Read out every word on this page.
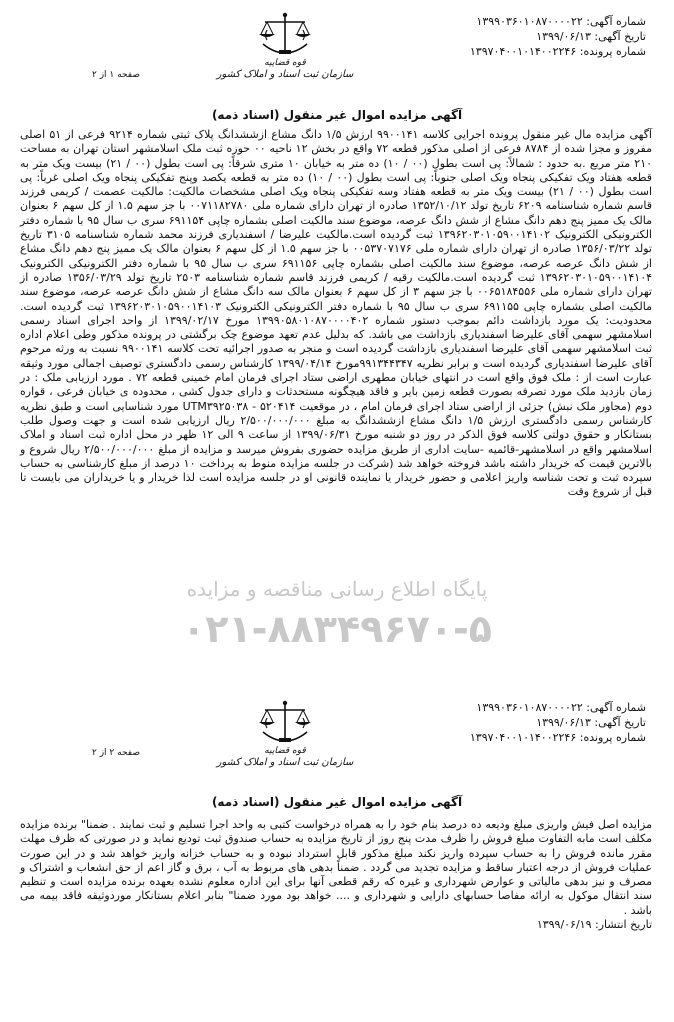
شماره آگهی: ۱۳۹۹۰۳۶۰۱۰۸۷۰۰۰۰۲۲
تاریخ آگهی: ۱۳۹۹/۰۶/۱۳
شماره پرونده: ۱۳۹۷۰۴۰۰۱۰۱۴۰۰۲۲۴۶
قوه قضاییه
سازمان ثبت اسناد و املاک کشور
صفحه ۱ از ۲
آگهی مزایده اموال غیر منقول (اسناد ذمه)
آگهی مزایده مال غیر منقول پرونده اجرایی کلاسه ۹۹۰۰۱۴۱ ارزش ۱/۵ دانگ مشاع ازششدانگ پلاک ثبتی شماره ۹۲۱۴ فرعی از ۵۱ اصلی مفروز و مجزا شده از ۸۷۸۴ فرعی از اصلی مذکور قطعه ۷۲ واقع در بخش ۱۲ ناحیه ۰۰ حوزه ثبت ملک اسلامشهر استان تهران به مساحت ۲۱۰ متر مربع .به حدود : شمالاً: پی است بطول (۰۰ / ۱۰) ده متر به خیابان ۱۰ متری شرقاً: پی است بطول (۰۰ / ۲۱) بیست ویک متر به قطعه هفتاد ویک تفکیکی پنجاه ویک اصلی جنوباً: پی است بطول (۰۰ / ۱۰) ده متر به قطعه یکصد وپنج تفکیکی پنجاه ویک اصلی غرباً: پی است بطول (۰۰ / ۲۱) بیست ویک متر به قطعه هفتاد وسه تفکیکی پنجاه ویک اصلی مشخصات مالکیت: مالکیت عصمت / کریمی فرزند قاسم شماره شناسنامه ۶۲۰۹ تاریخ تولد ۱۳۵۲/۱۰/۱۲ صادره از تهران دارای شماره ملی ۰۰۷۱۱۸۲۷۸۰ با جز سهم ۱.۵ از کل سهم ۶ بعنوان مالک یک ممیز پنج دهم دانگ مشاع از شش دانگ عرصه، موضوع سند مالکیت اصلی بشماره چاپی ۶۹۱۱۵۴ سری ب سال ۹۵ با شماره دفتر الکترونیکی الکترونیک ۱۳۹۶۲۰۳۰۱۰۵۹۰۰۱۴۱۰۲ ثبت گردیده است.مالکیت علیرضا / اسفندیاری فرزند محمد شماره شناسنامه ۳۱۰۵ تاریخ تولد ۱۳۵۶/۰۳/۲۲ صادره از تهران دارای شماره ملی ۰۰۵۳۷۰۷۱۷۶ با جز سهم ۱.۵ از کل سهم ۶ بعنوان مالک یک ممیز پنج دهم دانگ مشاع از شش دانگ عرصه عرصه، موضوع سند مالکیت اصلی بشماره چاپی ۶۹۱۱۵۶ سری ب سال ۹۵ با شماره دفتر الکترونیکی الکترونیک ۱۳۹۶۲۰۳۰۱۰۵۹۰۰۱۴۱۰۴ ثبت گردیده است.مالکیت رقیه / کریمی فرزند قاسم شماره شناسنامه ۲۵۰۳ تاریخ تولد ۱۳۵۶/۰۳/۲۹ صادره از تهران دارای شماره ملی ۰۰۶۵۱۸۴۵۵۶ با جز سهم ۳ از کل سهم ۶ بعنوان مالک سه دانگ مشاع از شش دانگ عرصه عرصه، موضوع سند مالکیت اصلی بشماره چاپی ۶۹۱۱۵۵ سری ب سال ۹۵ با شماره دفتر الکترونیکی الکترونیک ۱۳۹۶۲۰۳۰۱۰۵۹۰۰۱۴۱۰۳ ثبت گردیده است. محدودیت: یک مورد بازداشت دائم بموجب دستور شماره ۱۳۹۹۰۵۸۰۱۰۸۷۰۰۰۰۴۰۲ مورخ ۱۳۹۹/۰۲/۱۷ از واحد اجرای اسناد رسمی اسلامشهر سهمی آقای علیرضا اسفندیاری بازداشت می باشد. که بدلیل عدم تعهد موضوع چک برگشتی در پرونده مذکور وطی اعلام اداره ثبت اسلامشهر سهمی آقای علیرضا اسفندیاری بازداشت گردیده است و منجر به صدور اجرائیه تحت کلاسه ۹۹۰۰۱۴۱ نسبت به ورثه مرحوم آقای علیرضا اسفندیاری گردیده است و برابر نظریه ۹۹۱۳۴۴۳۴۷مورخ ۱۳۹۹/۰۴/۱۴ کارشناس رسمی دادگستری توصیف اجمالی مورد وثیقه عبارت است از : ملک فوق واقع است در انتهای خیابان مطهری اراضی ستاد اجرای فرمان امام خمینی قطعه ۷۲ . مورد ارزیابی ملک : در زمان بازدید ملک مورد تصرفه بصورت قطعه زمین بایر و فاقد هیچگونه مستحدثات و دارای جدول کشی ، محدوده ی خیابان فرعی ، قواره دوم (مجاور ملک نبش) جزئی از اراضی ستاد اجرای فرمان امام ، در موقعیت UTM۳۹۲۵۰۳۸ - ۵۲۰۴۱۴ مورد شناسایی است و طبق نظریه کارشناس رسمی دادگستری ارزش ۱/۵ دانگ مشاع ازششدانگ به مبلغ ۲/۵۰۰/۰۰۰/۰۰۰ ریال ارزیابی شده است و جهت وصول طلب بستانکار و حقوق دولتی کلاسه فوق الذکر در روز دو شنبه مورخ ۱۳۹۹/۰۶/۳۱ از ساعت ۹ الی ۱۲ ظهر در محل اداره ثبت اسناد و املاک اسلامشهر واقع در اسلامشهر-قائمیه -سایت اداری از طریق مزایده حضوری بفروش میرسد و مزایده از مبلغ ۲/۵۰۰/۰۰۰/۰۰۰ ریال شروع و بالاترین قیمت که خریدار داشته باشد فروخته خواهد شد (شرکت در جلسه مزایده منوط به پرداخت ۱۰ درصد از مبلغ کارشناسی به حساب سپرده ثبت و تحت شناسه واریز اعلامی و حضور خریدار یا نماینده قانونی او در جلسه مزایده است لذا خریدار و یا خریداران می بایست تا قبل از شروع وقت
پایگاه اطلاع رسانی مناقصه و مزایده
۰۲۱-۸۸۳۴۹۶۷۰-۵
شماره آگهی: ۱۳۹۹۰۳۶۰۱۰۸۷۰۰۰۰۲۲
تاریخ آگهی: ۱۳۹۹/۰۶/۱۳
شماره پرونده: ۱۳۹۷۰۴۰۰۱۰۱۴۰۰۲۲۴۶
قوه قضاییه
سازمان ثبت اسناد و املاک کشور
صفحه ۲ از ۲
آگهی مزایده اموال غیر منقول (اسناد ذمه)
مزایده اصل فیش واریزی مبلغ ودیعه ده درصد بنام خود را به همراه درخواست کتبی به واحد اجرا تسلیم و ثبت نمایند . ضمنا" برنده مزایده مکلف است مابه التفاوت مبلغ فروش را ظرف مدت پنج روز از تاریخ مزایده به حساب صندوق ثبت تودیع نماید و در صورتی که ظرف مهلت مقرر مانده فروش را به حساب سپرده واریز نکند مبلغ مذکور قابل استرداد نبوده و به حساب خزانه واریز خواهد شد و در این صورت عملیات فروش از درجه اعتبار ساقط و مزایده تجدید می گردد . ضمناً بدهی های مربوط به آب ، برق و گاز اعم از حق انشعاب و اشتراک و مصرف و نیز بدهی مالیاتی و عوارض شهرداری و غیره که رقم قطعی آنها برای این اداره معلوم نشده بعهده برنده مزایده است و تنظیم سند انتقال موکول به ارائه مفاصا حسابهای دارایی و شهرداری و .... خواهد بود مورد ضمنا" بنابر اعلام بستانکار موردوثیقه فاقد بیمه می باشد .
تاریخ انتشار: ۱۳۹۹/۰۶/۱۹
